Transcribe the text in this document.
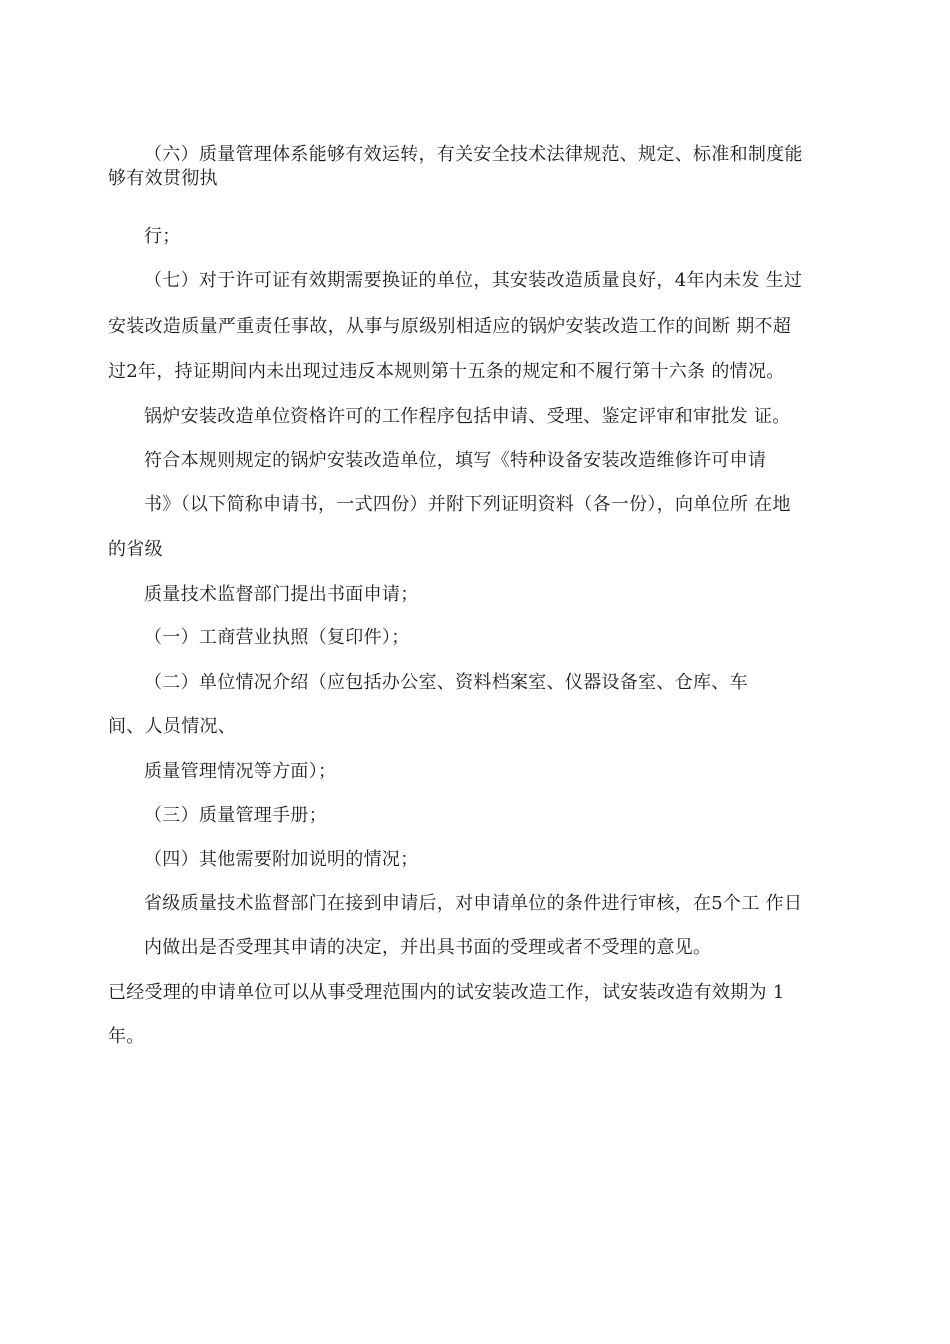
（六）质量管理体系能够有效运转，有关安全技术法律规范、规定、标准和制度能
够有效贯彻执
行；
（七）对于许可证有效期需要换证的单位，其安装改造质量良好，4年内未发 生过
安装改造质量严重责任事故，从事与原级别相适应的锅炉安装改造工作的间断 期不超
过2年，持证期间内未出现过违反本规则第十五条的规定和不履行第十六条 的情况。
锅炉安装改造单位资格许可的工作程序包括申请、受理、鉴定评审和审批发 证。
符合本规则规定的锅炉安装改造单位，填写《特种设备安装改造维修许可申请
书》（以下简称申请书，一式四份）并附下列证明资料（各一份），向单位所 在地
的省级
质量技术监督部门提出书面申请；
（一）工商营业执照（复印件）；
（二）单位情况介绍（应包括办公室、资料档案室、仪器设备室、仓库、车
间、人员情况、
质量管理情况等方面）；
（三）质量管理手册；
（四）其他需要附加说明的情况；
省级质量技术监督部门在接到申请后，对申请单位的条件进行审核，在5个工 作日
内做出是否受理其申请的决定，并出具书面的受理或者不受理的意见。
已经受理的申请单位可以从事受理范围内的试安装改造工作，试安装改造有效期为 1
年。
